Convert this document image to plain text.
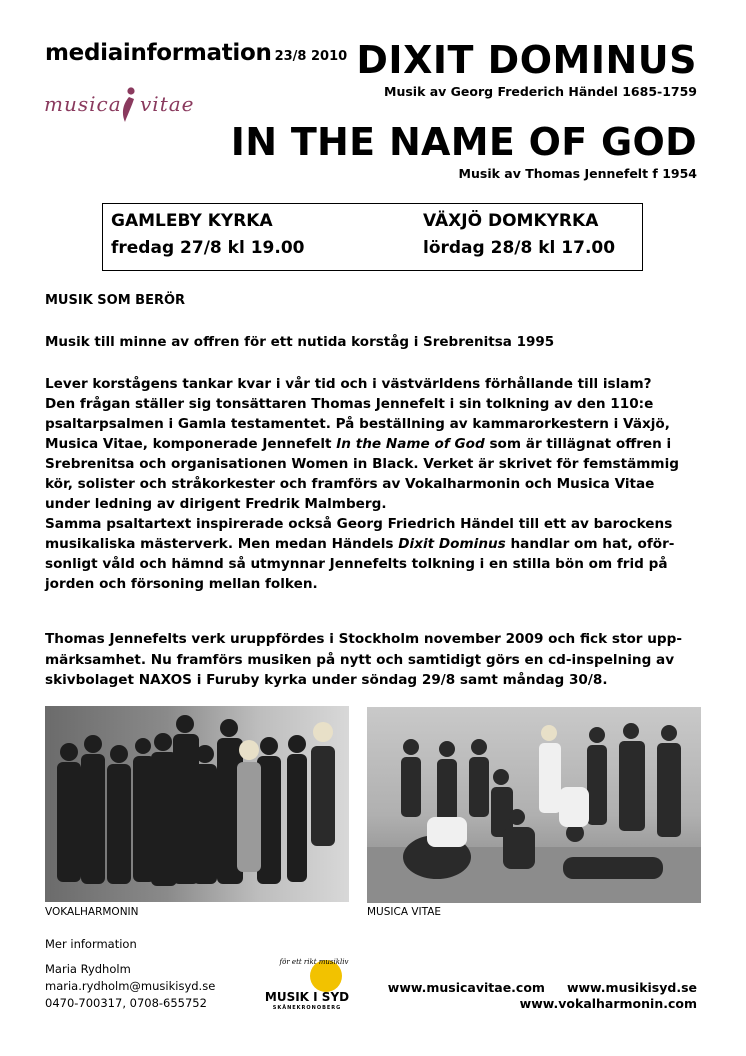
mediainformation 23/8 2010
musica vitae
DIXIT DOMINUS
Musik av Georg Frederich Händel 1685-1759
IN THE NAME OF GOD
Musik av Thomas Jennefelt f 1954
GAMLEBY KYRKA
fredag 27/8 kl 19.00
VÄXJÖ DOMKYRKA
lördag 28/8 kl 17.00
MUSIK SOM BERÖR
Musik till minne av offren för ett nutida korståg i Srebrenitsa 1995

Lever korstågens tankar kvar i vår tid och i västvärldens förhållande till islam?

Den frågan ställer sig tonsättaren Thomas Jennefelt i sin tolkning av den 110:e

psaltarpsalmen i Gamla testamentet. På beställning av kammarorkestern i Växjö,

Musica Vitae, komponerade Jennefelt In the Name of God som är tillägnat offren i

Srebrenitsa och organisationen Women in Black. Verket är skrivet för femstämmig

kör, solister och stråkorkester och framförs av Vokalharmonin och Musica Vitae

under ledning av dirigent Fredrik Malmberg.

Samma psaltartext inspirerade också Georg Friedrich Händel till ett av barockens

musikaliska mästerverk. Men medan Händels Dixit Dominus handlar om hat, oför-

sonligt våld och hämnd så utmynnar Jennefelts tolkning i en stilla bön om frid på

jorden och försoning mellan folken.

Thomas Jennefelts verk uruppfördes i Stockholm november 2009 och fick stor upp-

märksamhet. Nu framförs musiken på nytt och samtidigt görs en cd-inspelning av

skivbolaget NAXOS i Furuby kyrka under söndag 29/8 samt måndag 30/8.

VOKALHARMONIN	MUSICA VITAE
Mer information
Maria Rydholm
maria.rydholm@musikisyd.se
0470-700317, 0708-655752
för ett rikt musikliv
MUSIK I SYD
SKÅNEKRONOBERG
www.musicavitae.com www.musikisyd.se
www.vokalharmonin.com
